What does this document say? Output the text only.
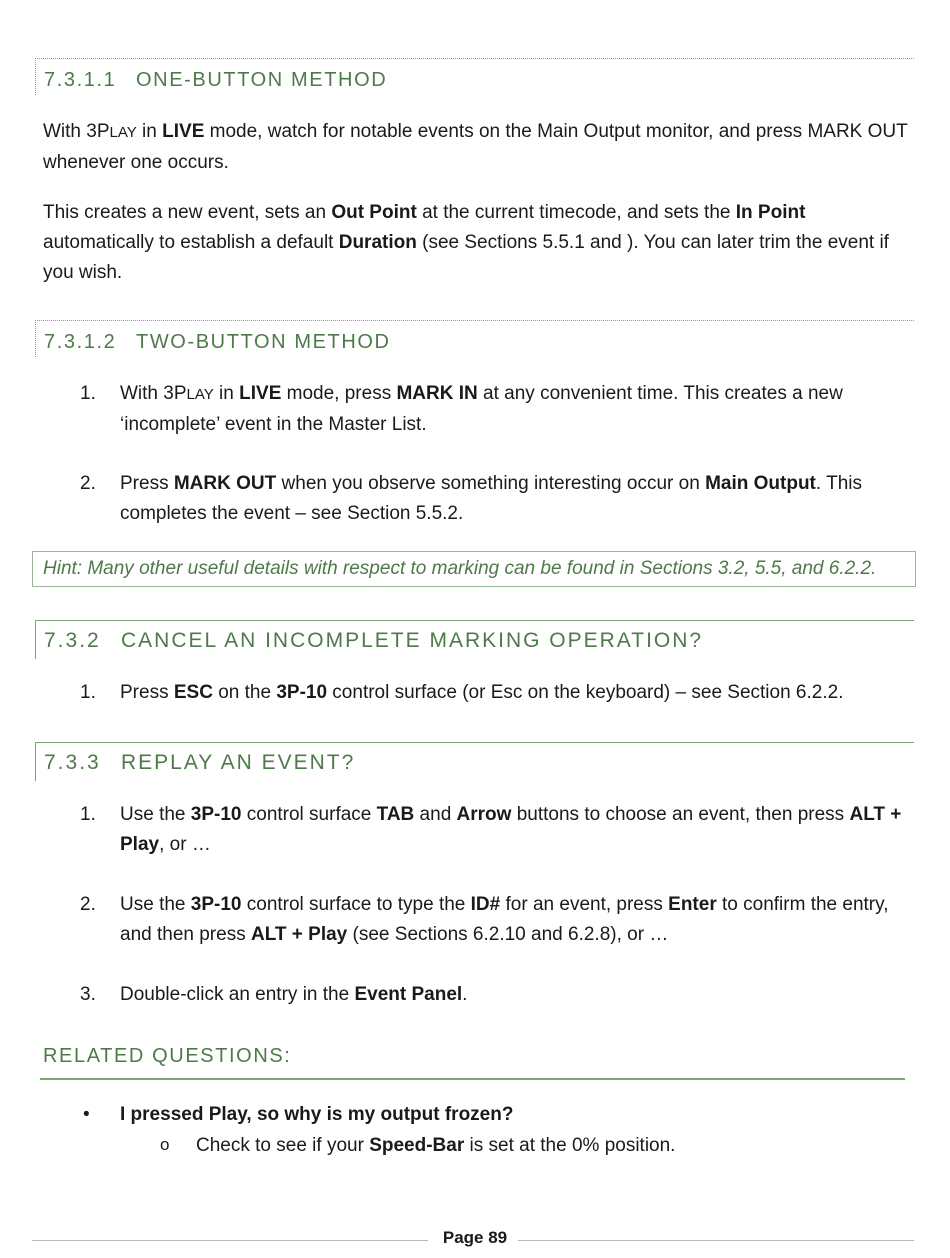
7.3.1.1 ONE-BUTTON METHOD
With 3PLAY in LIVE mode, watch for notable events on the Main Output monitor, and press MARK OUT whenever one occurs.
This creates a new event, sets an Out Point at the current timecode, and sets the In Point automatically to establish a default Duration (see Sections 5.5.1 and ). You can later trim the event if you wish.
7.3.1.2 TWO-BUTTON METHOD
1.	With 3PLAY in LIVE mode, press MARK IN at any convenient time. This creates a new ‘incomplete’ event in the Master List.
2.	Press MARK OUT when you observe something interesting occur on Main Output. This completes the event – see Section 5.5.2.
Hint: Many other useful details with respect to marking can be found in Sections 3.2, 5.5, and 6.2.2.
7.3.2 CANCEL AN INCOMPLETE MARKING OPERATION?
1.	Press ESC on the 3P-10 control surface (or Esc on the keyboard) – see Section 6.2.2.
7.3.3 REPLAY AN EVENT?
1.	Use the 3P-10 control surface TAB and Arrow buttons to choose an event, then press ALT + Play, or …
2.	Use the 3P-10 control surface to type the ID# for an event, press Enter to confirm the entry, and then press ALT + Play (see Sections 6.2.10 and 6.2.8), or …
3.	Double-click an entry in the Event Panel.
RELATED QUESTIONS:
• I pressed Play, so why is my output frozen?
o Check to see if your Speed-Bar is set at the 0% position.
Page 89
